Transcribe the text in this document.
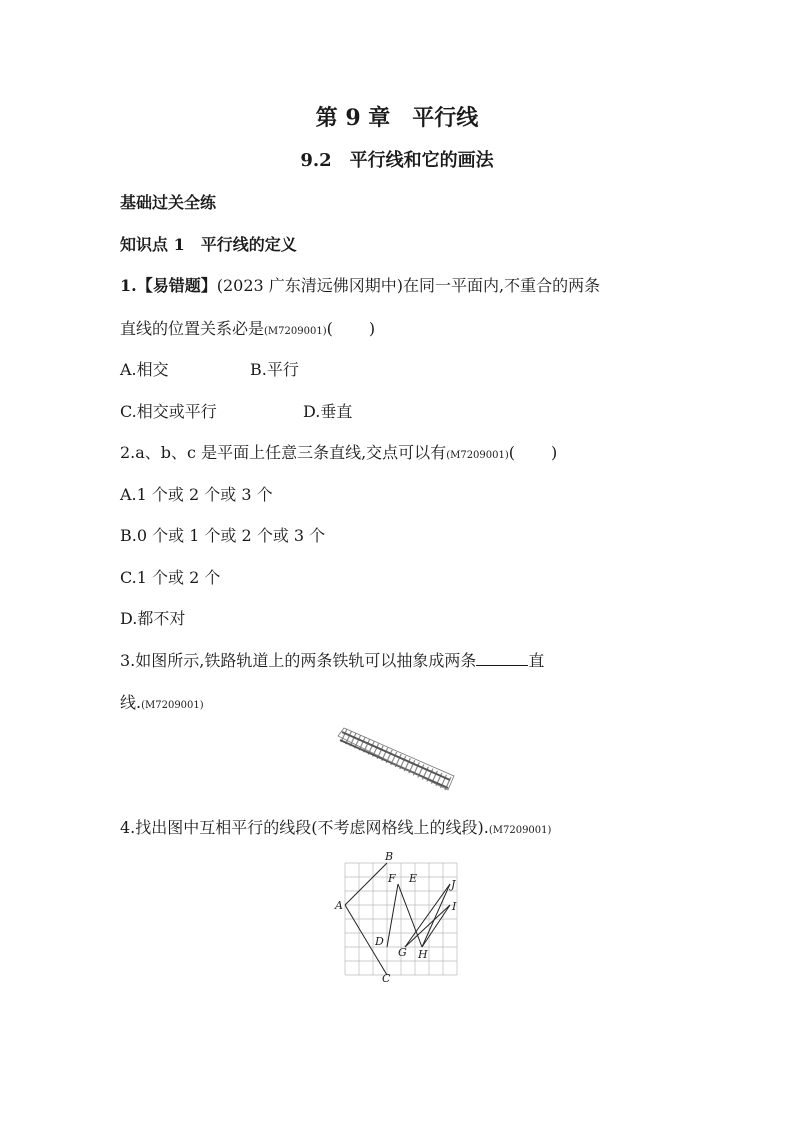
第 9 章　平行线
9.2　平行线和它的画法
基础过关全练
知识点 1　平行线的定义
1.【易错题】(2023 广东清远佛冈期中)在同一平面内,不重合的两条
直线的位置关系必是(M7209001)( )
A.相交	B.平行
C.相交或平行	D.垂直
2.a、b、c 是平面上任意三条直线,交点可以有(M7209001)( )
A.1 个或 2 个或 3 个
B.0 个或 1 个或 2 个或 3 个
C.1 个或 2 个
D.都不对
3.如图所示,铁路轨道上的两条铁轨可以抽象成两条	直
线.(M7209001)
4.找出图中互相平行的线段(不考虑网格线上的线段).(M7209001)
B
F E	J
A	I
D
G H
C
